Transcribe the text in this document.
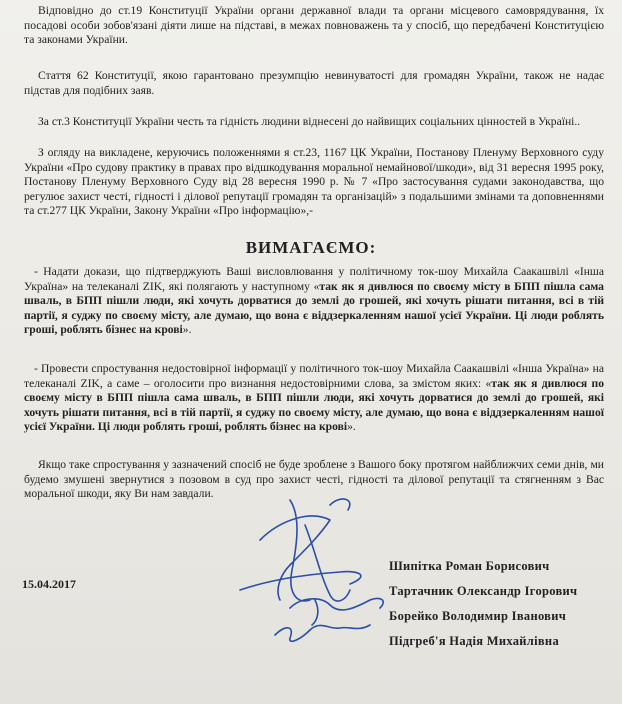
Відповідно до ст.19 Конституції України органи державної влади та органи місцевого самоврядування, їх посадові особи зобов'язані діяти лише на підставі, в межах повноважень та у спосіб, що передбачені Конституцією та законами України.
Стаття 62 Конституції, якою гарантовано презумпцію невинуватості для громадян України, також не надає підстав для подібних заяв.
За ст.3 Конституції України честь та гідність людини віднесені до найвищих соціальних цінностей в Україні..
З огляду на викладене, керуючись положеннями я ст.23, 1167 ЦК України, Постанову Пленуму Верховного суду України «Про судову практику в правах про відшкодування моральної немайнової/шкоди», від 31 вересня 1995 року, Постанову Пленуму Верховного Суду від 28 вересня 1990 р. № 7 «Про застосування судами законодавства, що регулює захист честі, гідності і ділової репутації громадян та організацій» з подальшими змінами та доповненнями та ст.277 ЦК України, Закону України «Про інформацію»,-
ВИМАГАЄМО:
- Надати докази, що підтверджують Ваші висловлювання у політичному ток-шоу Михайла Саакашвілі «Інша Україна» на телеканалі ZIK, які полягають у наступному «так як я дивлюся по своєму місту в БПП пішла сама шваль, в БПП пішли люди, які хочуть дорватися до землі до грошей, які хочуть рішати питання, всі в тій партії, я суджу по своєму місту, але думаю, що вона є віддзеркаленням нашої усієї України. Ці люди роблять гроші, роблять бізнес на крові».
- Провести спростування недостовірної інформації у політичного ток-шоу Михайла Саакашвілі «Інша Україна» на телеканалі ZIK, а саме – оголосити про визнання недостовірними слова, за змістом яких: «так як я дивлюся по своєму місту в БПП пішла сама шваль, в БПП пішли люди, які хочуть дорватися до землі до грошей, які хочуть рішати питання, всі в тій партії, я суджу по своєму місту, але думаю, що вона є віддзеркаленням нашої усієї України. Ці люди роблять гроші, роблять бізнес на крові».
Якщо таке спростування у зазначений спосіб не буде зроблене з Вашого боку протягом найближчих семи днів, ми будемо змушені звернутися з позовом в суд про захист честі, гідності та ділової репутації та стягненням з Вас моральної шкоди, яку Ви нам завдали.
15.04.2017
Шипітка Роман Борисович
Тартачник Олександр Ігорович
Борейко Володимир Іванович
Підгреб'я Надія Михайлівна
